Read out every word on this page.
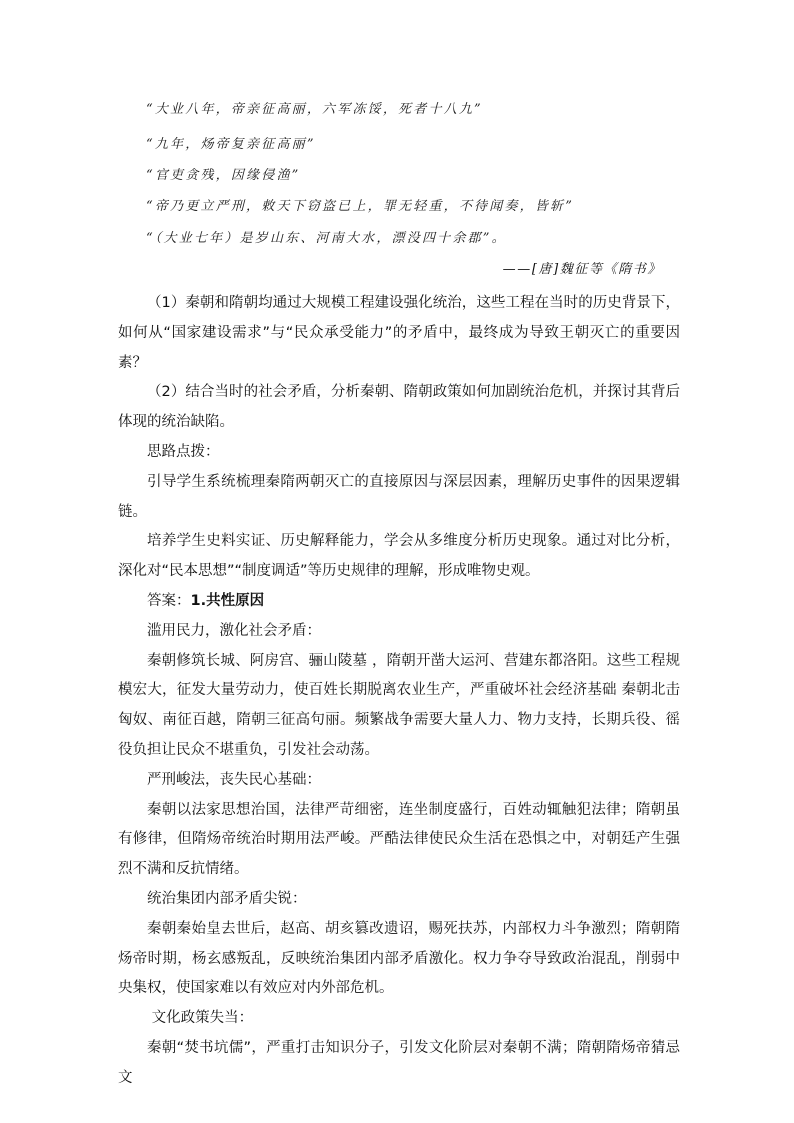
“大业八年，帝亲征高丽，六军冻馁，死者十八九”
“九年，炀帝复亲征高丽”
“官吏贪残，因缘侵渔”
“帝乃更立严刑，敕天下窃盗已上，罪无轻重，不待闻奏，皆斩”
“（大业七年）是岁山东、河南大水，漂没四十余郡”。
——[唐]魏征等《隋书》

（1）秦朝和隋朝均通过大规模工程建设强化统治，这些工程在当时的历史背景下，如何从“国家建设需求”与“民众承受能力”的矛盾中，最终成为导致王朝灭亡的重要因素？

（2）结合当时的社会矛盾，分析秦朝、隋朝政策如何加剧统治危机，并探讨其背后体现的统治缺陷。

思路点拨：

引导学生系统梳理秦隋两朝灭亡的直接原因与深层因素，理解历史事件的因果逻辑链。

培养学生史料实证、历史解释能力，学会从多维度分析历史现象。通过对比分析，深化对“民本思想”“制度调适”等历史规律的理解，形成唯物史观。

答案：1.共性原因

滥用民力，激化社会矛盾：

秦朝修筑长城、阿房宫、骊山陵墓 ，隋朝开凿大运河、营建东都洛阳。这些工程规模宏大，征发大量劳动力，使百姓长期脱离农业生产，严重破坏社会经济基础 秦朝北击匈奴、南征百越，隋朝三征高句丽。频繁战争需要大量人力、物力支持，长期兵役、徭役负担让民众不堪重负，引发社会动荡。

严刑峻法，丧失民心基础：

秦朝以法家思想治国，法律严苛细密，连坐制度盛行，百姓动辄触犯法律；隋朝虽有修律，但隋炀帝统治时期用法严峻。严酷法律使民众生活在恐惧之中，对朝廷产生强烈不满和反抗情绪。

统治集团内部矛盾尖锐：

秦朝秦始皇去世后，赵高、胡亥篡改遗诏，赐死扶苏，内部权力斗争激烈；隋朝隋炀帝时期，杨玄感叛乱，反映统治集团内部矛盾激化。权力争夺导致政治混乱，削弱中央集权，使国家难以有效应对内外部危机。

文化政策失当：

秦朝“焚书坑儒”，严重打击知识分子，引发文化阶层对秦朝不满；隋朝隋炀帝猜忌文
